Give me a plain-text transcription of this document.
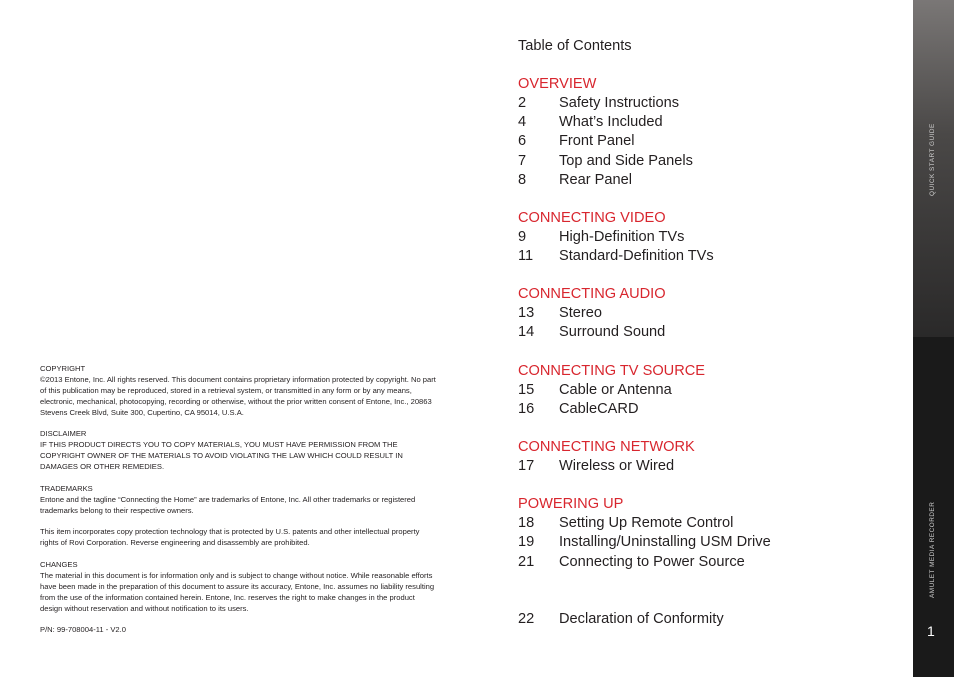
COPYRIGHT

©2013 Entone, Inc. All rights reserved. This document contains proprietary information protected by copyright. No part of this publication may be reproduced, stored in a retrieval system, or transmitted in any form or by any means, electronic, mechanical, photocopying, recording or otherwise, without the prior written consent of Entone, Inc., 20863 Stevens Creek Blvd, Suite 300, Cupertino, CA 95014, U.S.A.

DISCLAIMER

IF THIS PRODUCT DIRECTS YOU TO COPY MATERIALS, YOU MUST HAVE PERMISSION FROM THE COPYRIGHT OWNER OF THE MATERIALS TO AVOID VIOLATING THE LAW WHICH COULD RESULT IN DAMAGES OR OTHER REMEDIES.

TRADEMARKS

Entone and the tagline “Connecting the Home” are trademarks of Entone, Inc. All other trademarks or registered trademarks belong to their respective owners.

This item incorporates copy protection technology that is protected by U.S. patents and other intellectual property rights of Rovi Corporation. Reverse engineering and disassembly are prohibited.

CHANGES

The material in this document is for information only and is subject to change without notice. While reasonable efforts have been made in the preparation of this document to assure its accuracy, Entone, Inc. assumes no liability resulting from the use of the information contained herein. Entone, Inc. reserves the right to make changes in the product design without reservation and without notification to its users.

P/N: 99-708004-11 - V2.0

Table of Contents
OVERVIEW
2	Safety Instructions
4	What’s Included
6	Front Panel
7	Top and Side Panels
8	Rear Panel
CONNECTING VIDEO
9	High-Definition TVs
11	Standard-Definition TVs
CONNECTING AUDIO
13	Stereo
14	Surround Sound
CONNECTING TV SOURCE
15	Cable or Antenna
16	CableCARD
CONNECTING NETWORK
17	Wireless or Wired
POWERING UP
18	Setting Up Remote Control
19	Installing/Uninstalling USM Drive
21	Connecting to Power Source
22	Declaration of Conformity
QUICK START GUIDE
AMULET MEDIA RECORDER
1
